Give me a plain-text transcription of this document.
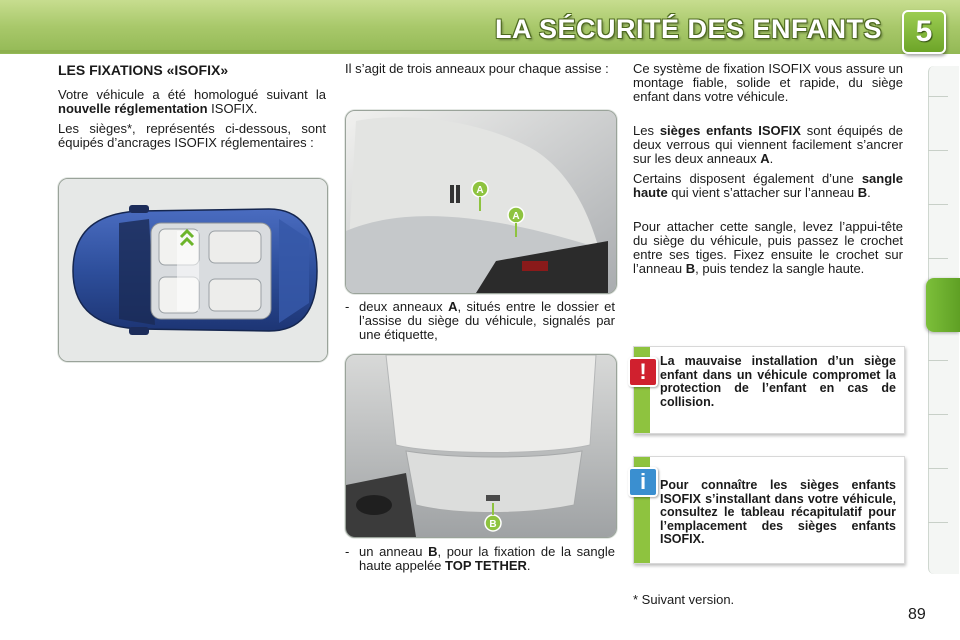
LA SÉCURITÉ DES ENFANTS	5
LES FIXATIONS «ISOFIX»

Votre véhicule a été homologué suivant la nouvelle réglementation ISOFIX.

Les sièges*, représentés ci-dessous, sont équipés d’ancrages ISOFIX réglementaires :

Il s’agit de trois anneaux pour chaque assise :
A
A
- deux anneaux A, situés entre le dossier et l’assise du siège du véhicule, signalés par une étiquette,
B
- un anneau B, pour la fixation de la sangle haute appelée TOP TETHER.

Ce système de fixation ISOFIX vous assure un montage fiable, solide et rapide, du siège enfant dans votre véhicule.

Les sièges enfants ISOFIX sont équipés de deux verrous qui viennent facilement s’ancrer sur les deux anneaux A.

Certains disposent également d’une sangle haute qui vient s’attacher sur l’anneau B.

Pour attacher cette sangle, levez l’appui-tête du siège du véhicule, puis passez le crochet entre ses tiges. Fixez ensuite le crochet sur l’anneau B, puis tendez la sangle haute.

!	La mauvaise installation d’un siège enfant dans un véhicule compromet la protection de l’enfant en cas de collision.
i	Pour connaître les sièges enfants ISOFIX s’installant dans votre véhicule, consultez le tableau récapitulatif pour l’emplacement des sièges enfants ISOFIX.
* Suivant version.
89
